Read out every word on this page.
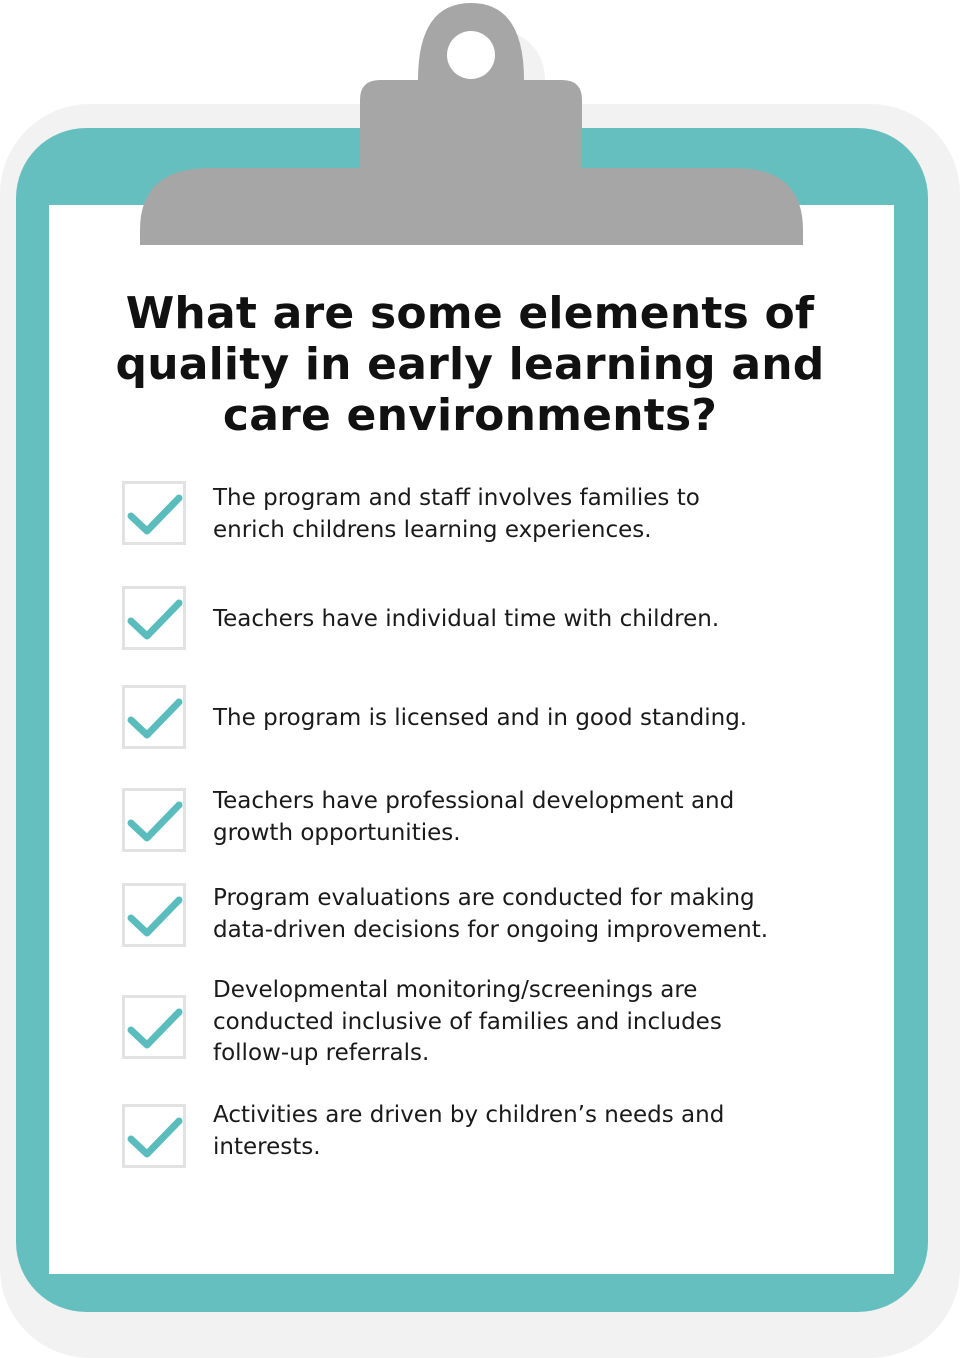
What are some elements of quality in early learning and care environments?
The program and staff involves families to
enrich childrens learning experiences.
Teachers have individual time with children.
The program is licensed and in good standing.
Teachers have professional development and
growth opportunities.
Program evaluations are conducted for making
data-driven decisions for ongoing improvement.
Developmental monitoring/screenings are
conducted inclusive of families and includes
follow-up referrals.
Activities are driven by children’s needs and
interests.
